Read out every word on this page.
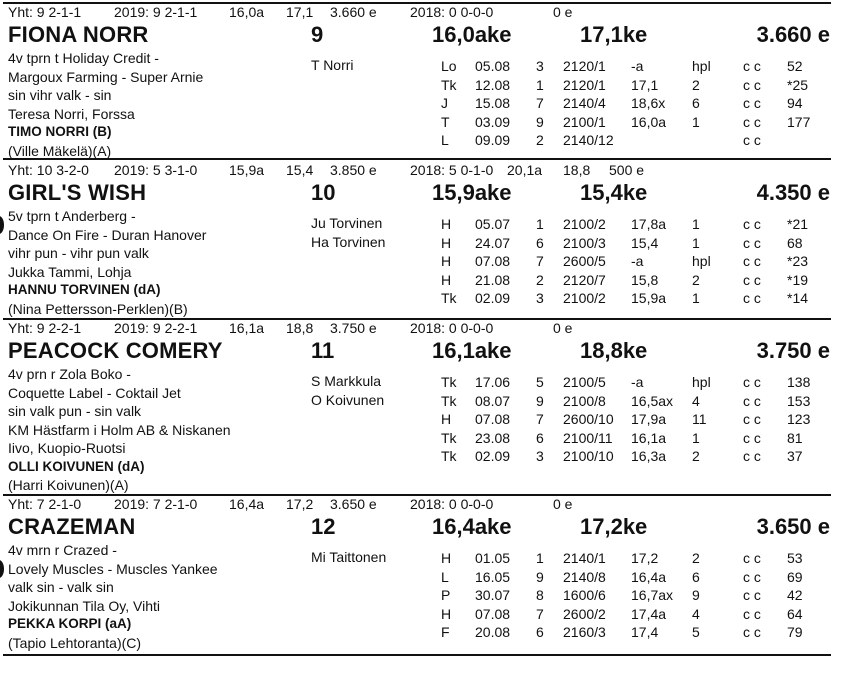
Yht: 9 2-1-1 2019: 9 2-1-1 16,0a 17,1 3.660 e 2018: 0 0-0-0	0 e
FIONA NORR	9	16,0ake	17,1ke	3.660 e
4v tprn t Holiday Credit -
Margoux Farming - Super Arnie
sin vihr valk - sin
Teresa Norri, Forssa
TIMO NORRI (B)
(Ville Mäkelä)(A)
T Norri	Lo 05.08 3 2120/1 -a	hpl c c 52
Tk 12.08 1 2120/1 17,1 2	c c *25
J 15.08 7 2140/4 18,6x 6	c c 94
T 03.09 9 2100/1 16,0a 1	c c 177
L 09.09 2 2140/12	c c
Yht: 10 3-2-0 2019: 5 3-1-0 15,9a 15,4 3.850 e 2018: 5 0-1-0 20,1a 18,8 500 e
GIRL'S WISH	10	15,9ake	15,4ke	4.350 e
5v tprn t Anderberg -
Dance On Fire - Duran Hanover
vihr pun - vihr pun valk
Jukka Tammi, Lohja
HANNU TORVINEN (dA)
(Nina Pettersson-Perklen)(B)
Ju Torvinen
Ha Torvinen
H 05.07 1 2100/2 17,8a 1	c c *21
H 24.07 6 2100/3 15,4 1	c c 68
H 07.08 7 2600/5 -a	hpl c c *23
H 21.08 2 2120/7 15,8 2	c c *19
Tk 02.09 3 2100/2 15,9a 1	c c *14
Yht: 9 2-2-1 2019: 9 2-2-1 16,1a 18,8 3.750 e 2018: 0 0-0-0	0 e
PEACOCK COMERY	11	16,1ake	18,8ke	3.750 e
4v prn r Zola Boko -
Coquette Label - Coktail Jet
sin valk pun - sin valk
KM Hästfarm i Holm AB & Niskanen
Iivo, Kuopio-Ruotsi
OLLI KOIVUNEN (dA)
(Harri Koivunen)(A)
S Markkula
O Koivunen
Tk 17.06 5 2100/5 -a	hpl c c 138
Tk 08.07 9 2100/8 16,5ax 4	c c 153
H 07.08 7 2600/10 17,9a 11	c c 123
Tk 23.08 6 2100/11 16,1a 1	c c 81
Tk 02.09 3 2100/10 16,3a 2	c c 37
Yht: 7 2-1-0 2019: 7 2-1-0 16,4a 17,2 3.650 e 2018: 0 0-0-0	0 e
CRAZEMAN	12	16,4ake	17,2ke	3.650 e
4v mrn r Crazed -
Lovely Muscles - Muscles Yankee
valk sin - valk sin
Jokikunnan Tila Oy, Vihti
PEKKA KORPI (aA)
(Tapio Lehtoranta)(C)
Mi Taittonen	H 01.05 1 2140/1 17,2 2	c c 53
L 16.05 9 2140/8 16,4a 6	c c 69
P 30.07 8 1600/6 16,7ax 9	c c 42
H 07.08 7 2600/2 17,4a 4	c c 64
F 20.08 6 2160/3 17,4 5	c c 79
